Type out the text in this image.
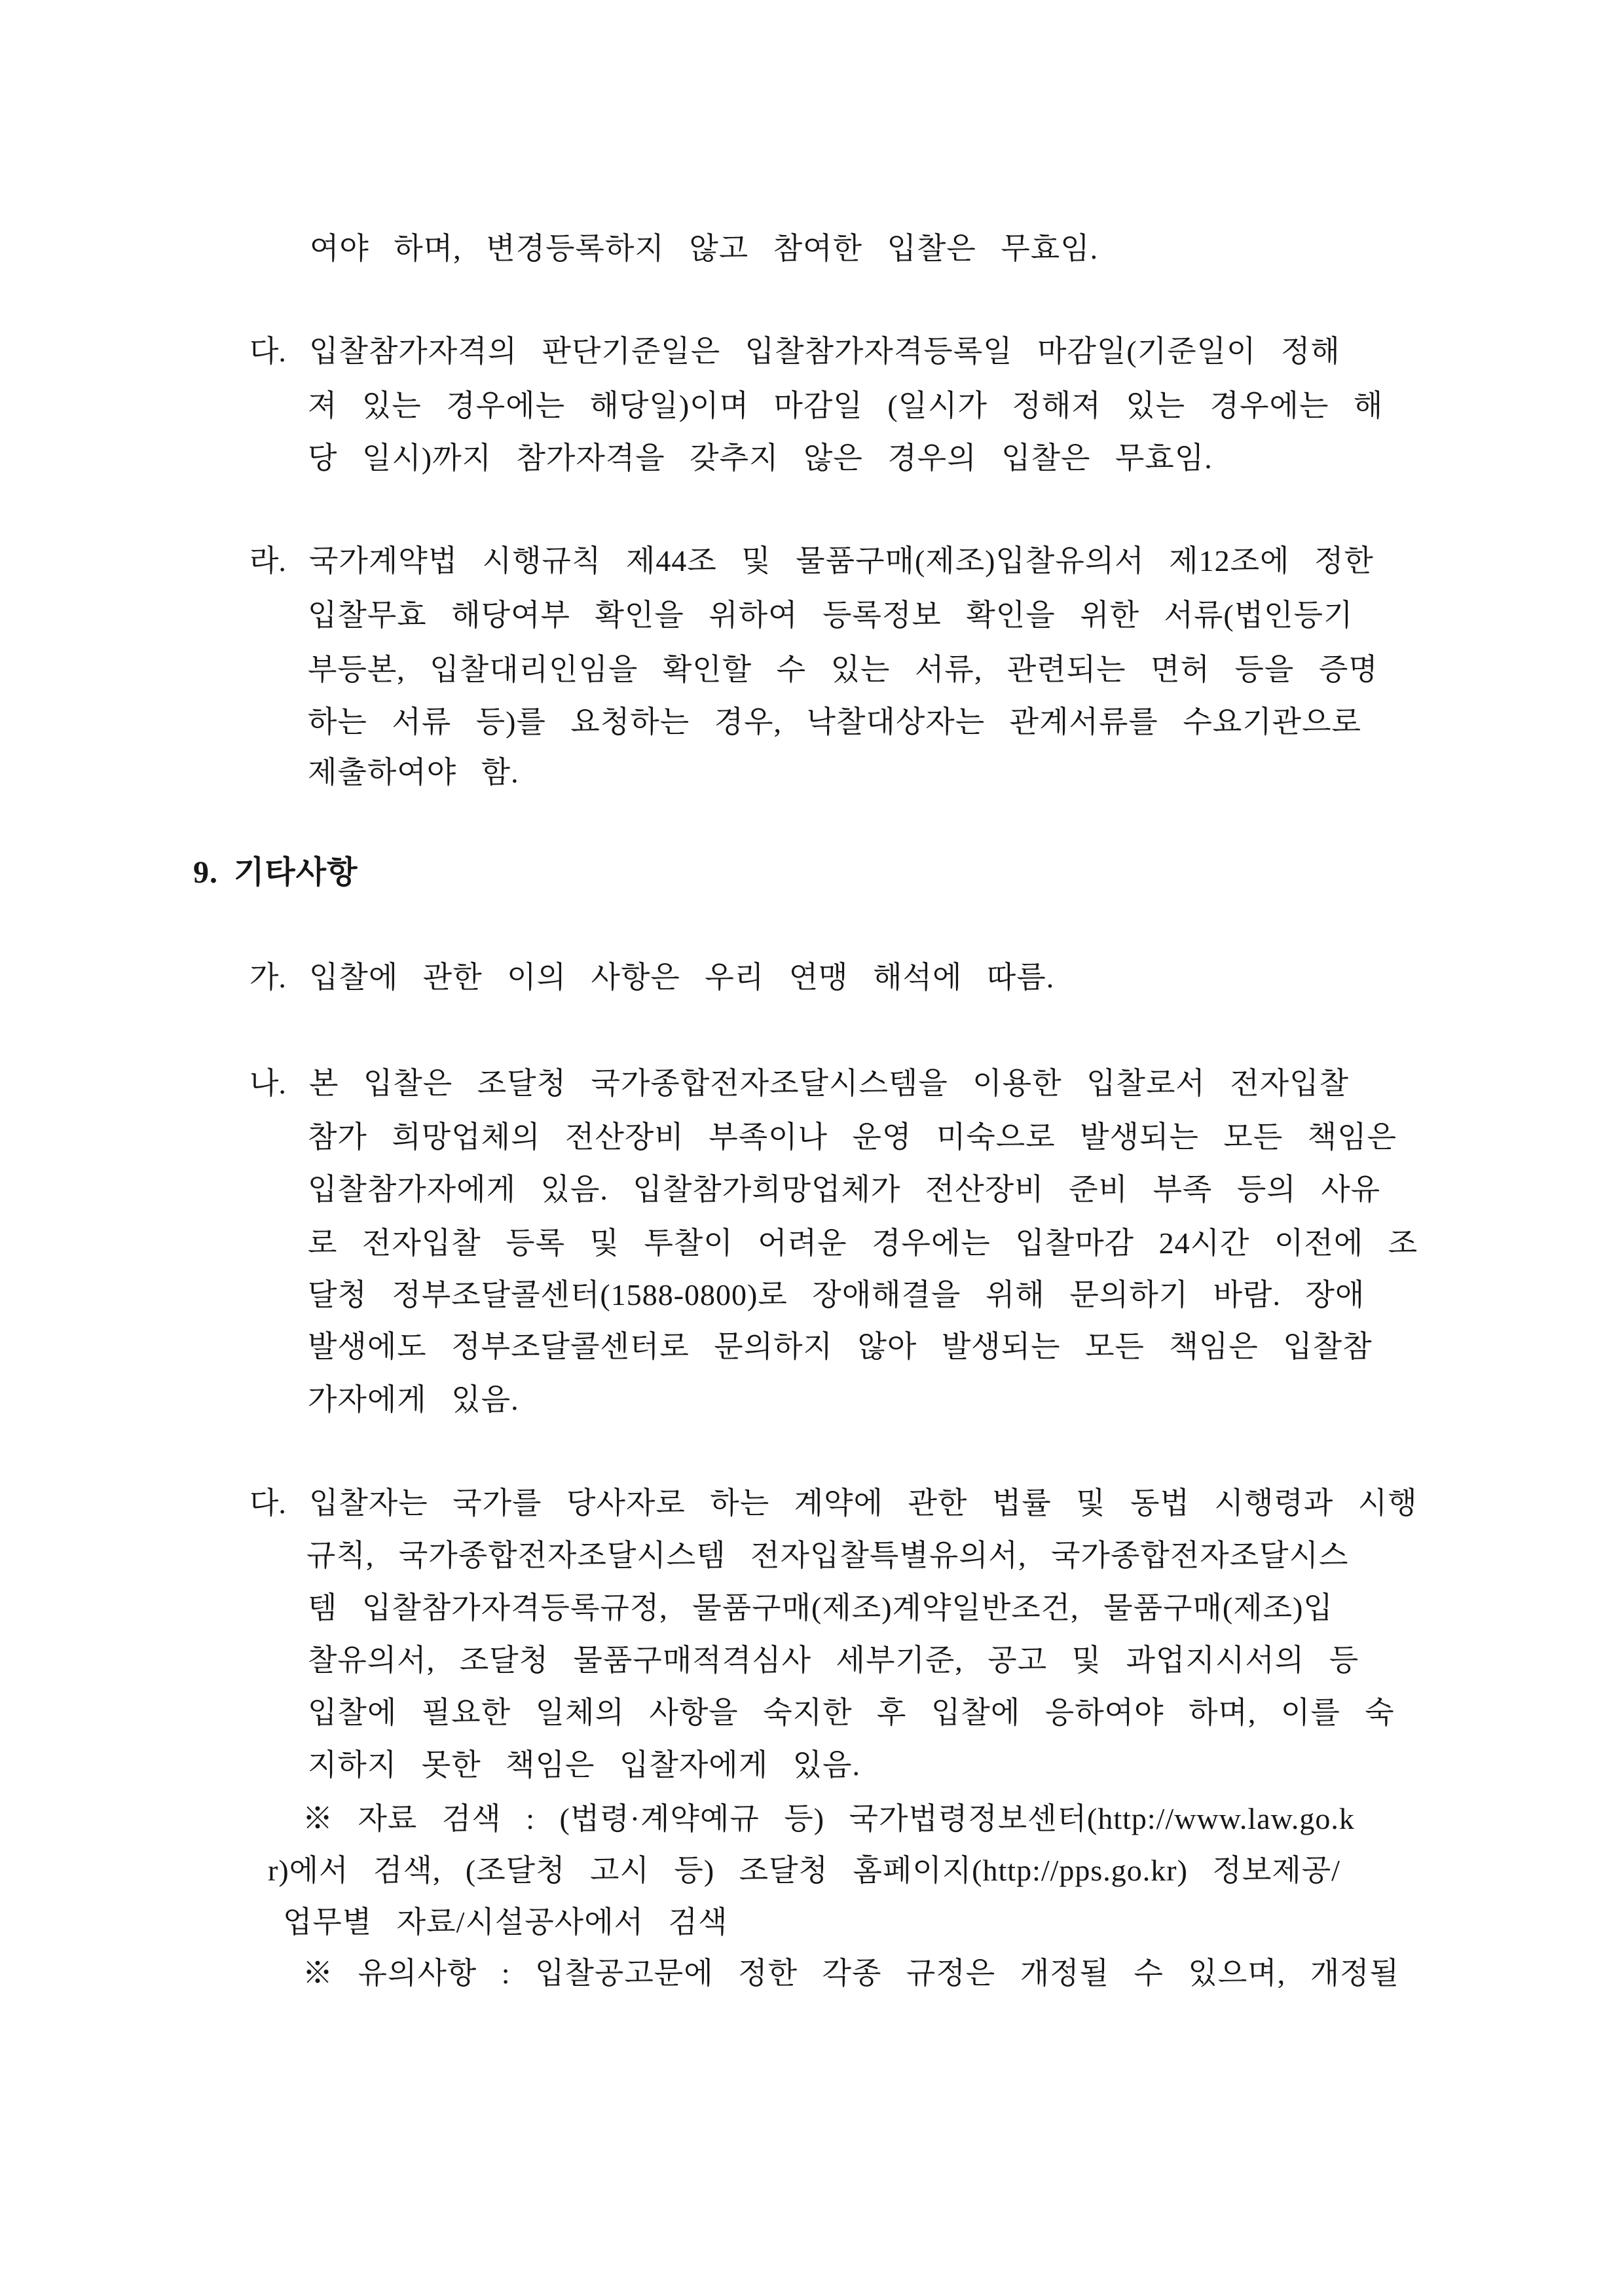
여야 하며, 변경등록하지 않고 참여한 입찰은 무효임.
다. 입찰참가자격의 판단기준일은 입찰참가자격등록일 마감일(기준일이 정해
져 있는 경우에는 해당일)이며 마감일 (일시가 정해져 있는 경우에는 해
당 일시)까지 참가자격을 갖추지 않은 경우의 입찰은 무효임.
라. 국가계약법 시행규칙 제44조 및 물품구매(제조)입찰유의서 제12조에 정한
입찰무효 해당여부 확인을 위하여 등록정보 확인을 위한 서류(법인등기
부등본, 입찰대리인임을 확인할 수 있는 서류, 관련되는 면허 등을 증명
하는 서류 등)를 요청하는 경우, 낙찰대상자는 관계서류를 수요기관으로
제출하여야 함.
9. 기타사항
가. 입찰에 관한 이의 사항은 우리 연맹 해석에 따름.
나. 본 입찰은 조달청 국가종합전자조달시스템을 이용한 입찰로서 전자입찰
참가 희망업체의 전산장비 부족이나 운영 미숙으로 발생되는 모든 책임은
입찰참가자에게 있음. 입찰참가희망업체가 전산장비 준비 부족 등의 사유
로 전자입찰 등록 및 투찰이 어려운 경우에는 입찰마감 24시간 이전에 조
달청 정부조달콜센터(1588-0800)로 장애해결을 위해 문의하기 바람. 장애
발생에도 정부조달콜센터로 문의하지 않아 발생되는 모든 책임은 입찰참
가자에게 있음.
다. 입찰자는 국가를 당사자로 하는 계약에 관한 법률 및 동법 시행령과 시행
규칙, 국가종합전자조달시스템 전자입찰특별유의서, 국가종합전자조달시스
템 입찰참가자격등록규정, 물품구매(제조)계약일반조건, 물품구매(제조)입
찰유의서, 조달청 물품구매적격심사 세부기준, 공고 및 과업지시서의 등
입찰에 필요한 일체의 사항을 숙지한 후 입찰에 응하여야 하며, 이를 숙
지하지 못한 책임은 입찰자에게 있음.
※ 자료 검색 : (법령·계약예규 등) 국가법령정보센터(http://www.law.go.k
r)에서 검색, (조달청 고시 등) 조달청 홈페이지(http://pps.go.kr) 정보제공/
업무별 자료/시설공사에서 검색
※ 유의사항 : 입찰공고문에 정한 각종 규정은 개정될 수 있으며, 개정될
